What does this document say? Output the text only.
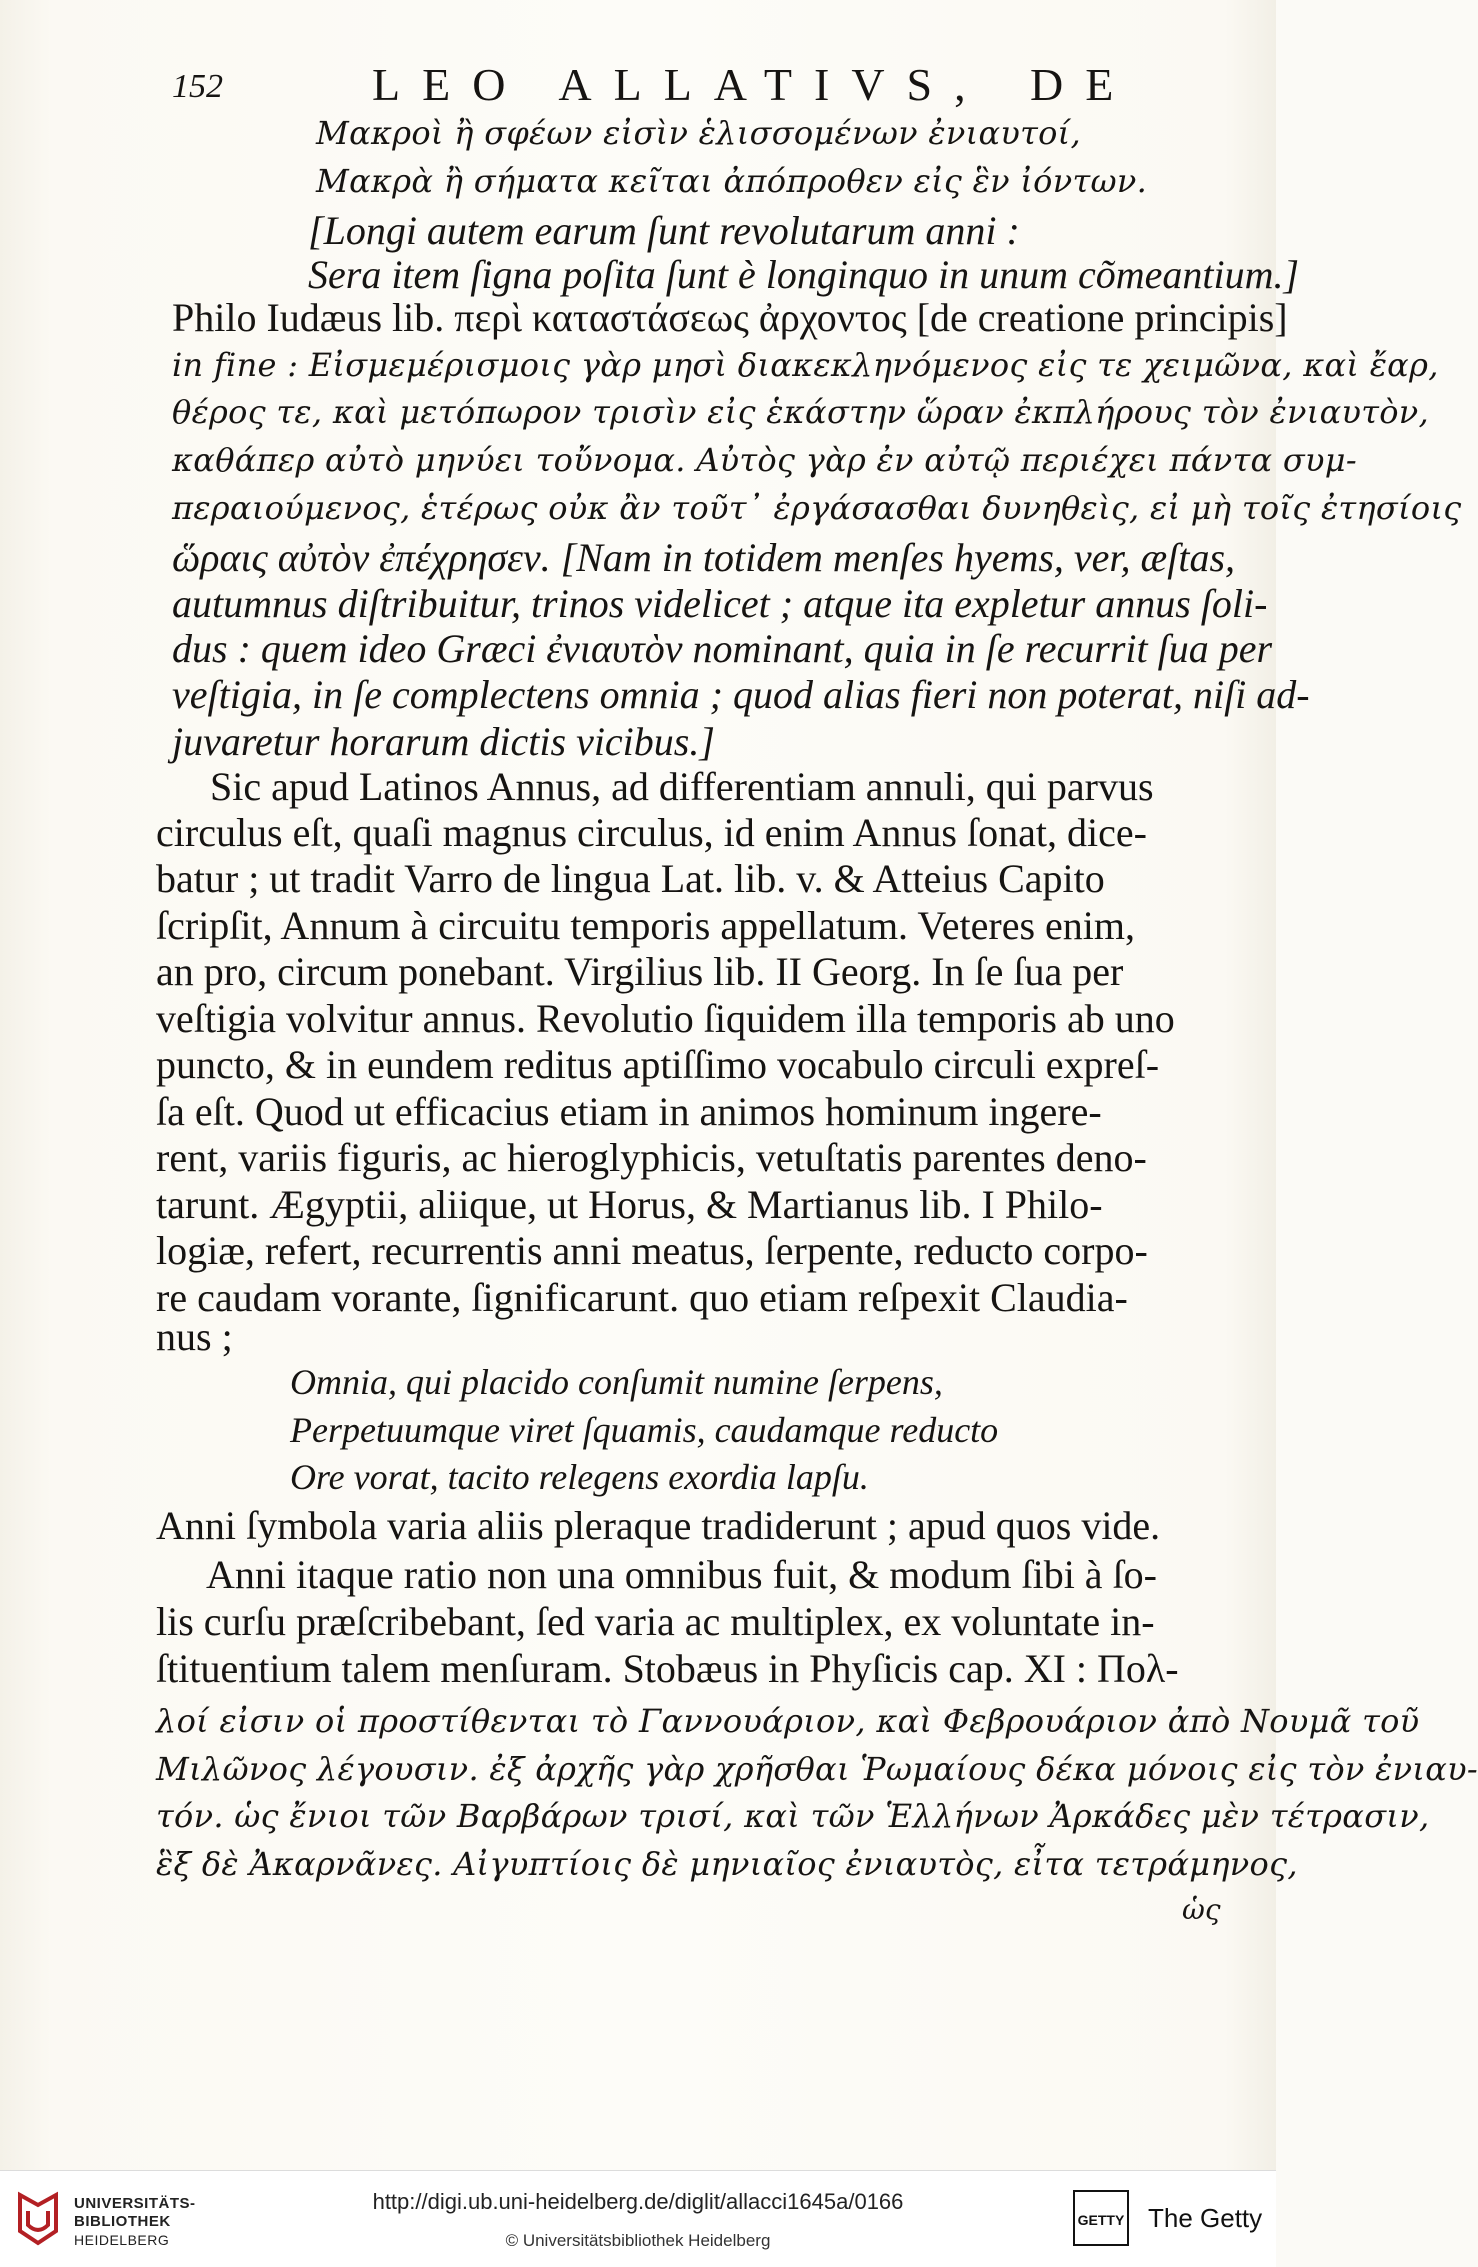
152	LEO ALLATIVS, DE
Μακροὶ ἢ σφέων εἰσὶν ἑλισσομένων ἐνιαυτοί,
Μακρὰ ἢ σήματα κεῖται ἀπόπροθεν εἰς ἓν ἰόντων.
[Longi autem earum ſunt revolutarum anni :
Sera item ſigna poſita ſunt è longinquo in unum cõmeantium.]
Philo Iudæus lib. περὶ καταστάσεως ἀρχοντος [de creatione principis]
in fine : Εἰσμεμέρισμοις γὰρ μησὶ διακεκληνόμενος εἰς τε χειμῶνα, καὶ ἔαρ,
θέρος τε, καὶ μετόπωρον τρισὶν εἰς ἑκάστην ὥραν ἐκπλήρους τὸν ἐνιαυτὸν,
καθάπερ αὐτὸ μηνύει τοὔνομα. Αὐτὸς γὰρ ἐν αὐτῷ περιέχει πάντα συμ-
περαιούμενος, ἑτέρως οὐκ ἂν τοῦτ᾽ ἐργάσασθαι δυνηθεὶς, εἰ μὴ τοῖς ἐτησίοις
ὥραις αὐτὸν ἐπέχρησεν. [Nam in totidem menſes hyems, ver, æſtas,
autumnus diſtribuitur, trinos videlicet ; atque ita expletur annus ſoli-
dus : quem ideo Græci ἐνιαυτὸν nominant, quia in ſe recurrit ſua per
veſtigia, in ſe complectens omnia ; quod alias fieri non poterat, niſi ad-
juvaretur horarum dictis vicibus.]
Sic apud Latinos Annus, ad differentiam annuli, qui parvus
circulus eſt, quaſi magnus circulus, id enim Annus ſonat, dice-
batur ; ut tradit Varro de lingua Lat. lib. v. & Atteius Capito
ſcripſit, Annum à circuitu temporis appellatum. Veteres enim,
an pro, circum ponebant. Virgilius lib. II Georg. In ſe ſua per
veſtigia volvitur annus. Revolutio ſiquidem illa temporis ab uno
puncto, & in eundem reditus aptiſſimo vocabulo circuli expreſ-
ſa eſt. Quod ut efficacius etiam in animos hominum ingere-
rent, variis figuris, ac hieroglyphicis, vetuſtatis parentes deno-
tarunt. Ægyptii, aliique, ut Horus, & Martianus lib. I Philo-
logiæ, refert, recurrentis anni meatus, ſerpente, reducto corpo-
re caudam vorante, ſignificarunt. quo etiam reſpexit Claudia-
nus ;
Omnia, qui placido conſumit numine ſerpens,
Perpetuumque viret ſquamis, caudamque reducto
Ore vorat, tacito relegens exordia lapſu.
Anni ſymbola varia aliis pleraque tradiderunt ; apud quos vide.
Anni itaque ratio non una omnibus fuit, & modum ſibi à ſo-
lis curſu præſcribebant, ſed varia ac multiplex, ex voluntate in-
ſtituentium talem menſuram. Stobæus in Phyſicis cap. XI : Πολ-
λοί εἰσιν οἱ προστίθενται τὸ Γαννουάριον, καὶ Φεβρουάριον ἀπὸ Νουμᾶ τοῦ
Μιλῶνος λέγουσιν. ἐξ ἀρχῆς γὰρ χρῆσθαι Ῥωμαίους δέκα μόνοις εἰς τὸν ἐνιαυ-
τόν. ὡς ἔνιοι τῶν Βαρβάρων τρισί, καὶ τῶν Ἑλλήνων Ἀρκάδες μὲν τέτρασιν,
ἓξ δὲ Ἀκαρνᾶνες. Αἰγυπτίοις δὲ μηνιαῖος ἐνιαυτὸς, εἶτα τετράμηνος,
ὡς
UNIVERSITÄTS-
BIBLIOTHEK
HEIDELBERG
http://digi.ub.uni-heidelberg.de/diglit/allacci1645a/0166
© Universitätsbibliothek Heidelberg
GETTY The Getty
